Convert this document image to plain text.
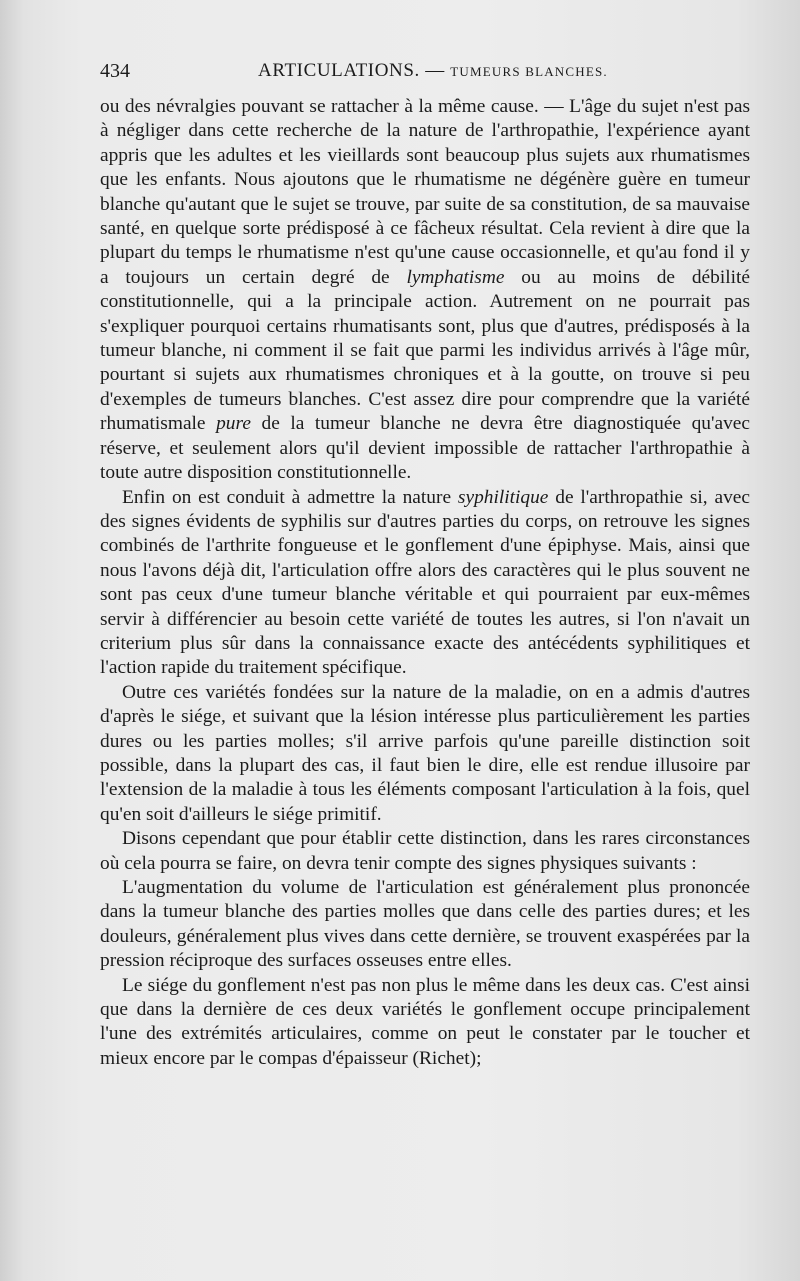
434	ARTICULATIONS. — TUMEURS BLANCHES.

ou des névralgies pouvant se rattacher à la même cause. — L'âge du sujet n'est pas à négliger dans cette recherche de la nature de l'arthropathie, l'expérience ayant appris que les adultes et les vieillards sont beaucoup plus sujets aux rhumatismes que les enfants. Nous ajoutons que le rhumatisme ne dégénère guère en tumeur blanche qu'autant que le sujet se trouve, par suite de sa constitution, de sa mauvaise santé, en quelque sorte prédisposé à ce fâcheux résultat. Cela revient à dire que la plupart du temps le rhumatisme n'est qu'une cause occasionnelle, et qu'au fond il y a toujours un certain degré de lymphatisme ou au moins de débilité constitutionnelle, qui a la principale action. Autrement on ne pourrait pas s'expliquer pourquoi certains rhumatisants sont, plus que d'autres, prédisposés à la tumeur blanche, ni comment il se fait que parmi les individus arrivés à l'âge mûr, pourtant si sujets aux rhumatismes chroniques et à la goutte, on trouve si peu d'exemples de tumeurs blanches. C'est assez dire pour comprendre que la variété rhumatismale pure de la tumeur blanche ne devra être diagnostiquée qu'avec réserve, et seulement alors qu'il devient impossible de rattacher l'arthropathie à toute autre disposition constitutionnelle.

Enfin on est conduit à admettre la nature syphilitique de l'arthropathie si, avec des signes évidents de syphilis sur d'autres parties du corps, on retrouve les signes combinés de l'arthrite fongueuse et le gonflement d'une épiphyse. Mais, ainsi que nous l'avons déjà dit, l'articulation offre alors des caractères qui le plus souvent ne sont pas ceux d'une tumeur blanche véritable et qui pourraient par eux-mêmes servir à différencier au besoin cette variété de toutes les autres, si l'on n'avait un criterium plus sûr dans la connaissance exacte des antécédents syphilitiques et l'action rapide du traitement spécifique.

Outre ces variétés fondées sur la nature de la maladie, on en a admis d'autres d'après le siége, et suivant que la lésion intéresse plus particulièrement les parties dures ou les parties molles; s'il arrive parfois qu'une pareille distinction soit possible, dans la plupart des cas, il faut bien le dire, elle est rendue illusoire par l'extension de la maladie à tous les éléments composant l'articulation à la fois, quel qu'en soit d'ailleurs le siége primitif.

Disons cependant que pour établir cette distinction, dans les rares circonstances où cela pourra se faire, on devra tenir compte des signes physiques suivants :

L'augmentation du volume de l'articulation est généralement plus prononcée dans la tumeur blanche des parties molles que dans celle des parties dures; et les douleurs, généralement plus vives dans cette dernière, se trouvent exaspérées par la pression réciproque des surfaces osseuses entre elles.

Le siége du gonflement n'est pas non plus le même dans les deux cas. C'est ainsi que dans la dernière de ces deux variétés le gonflement occupe principalement l'une des extrémités articulaires, comme on peut le constater par le toucher et mieux encore par le compas d'épaisseur (Richet);
